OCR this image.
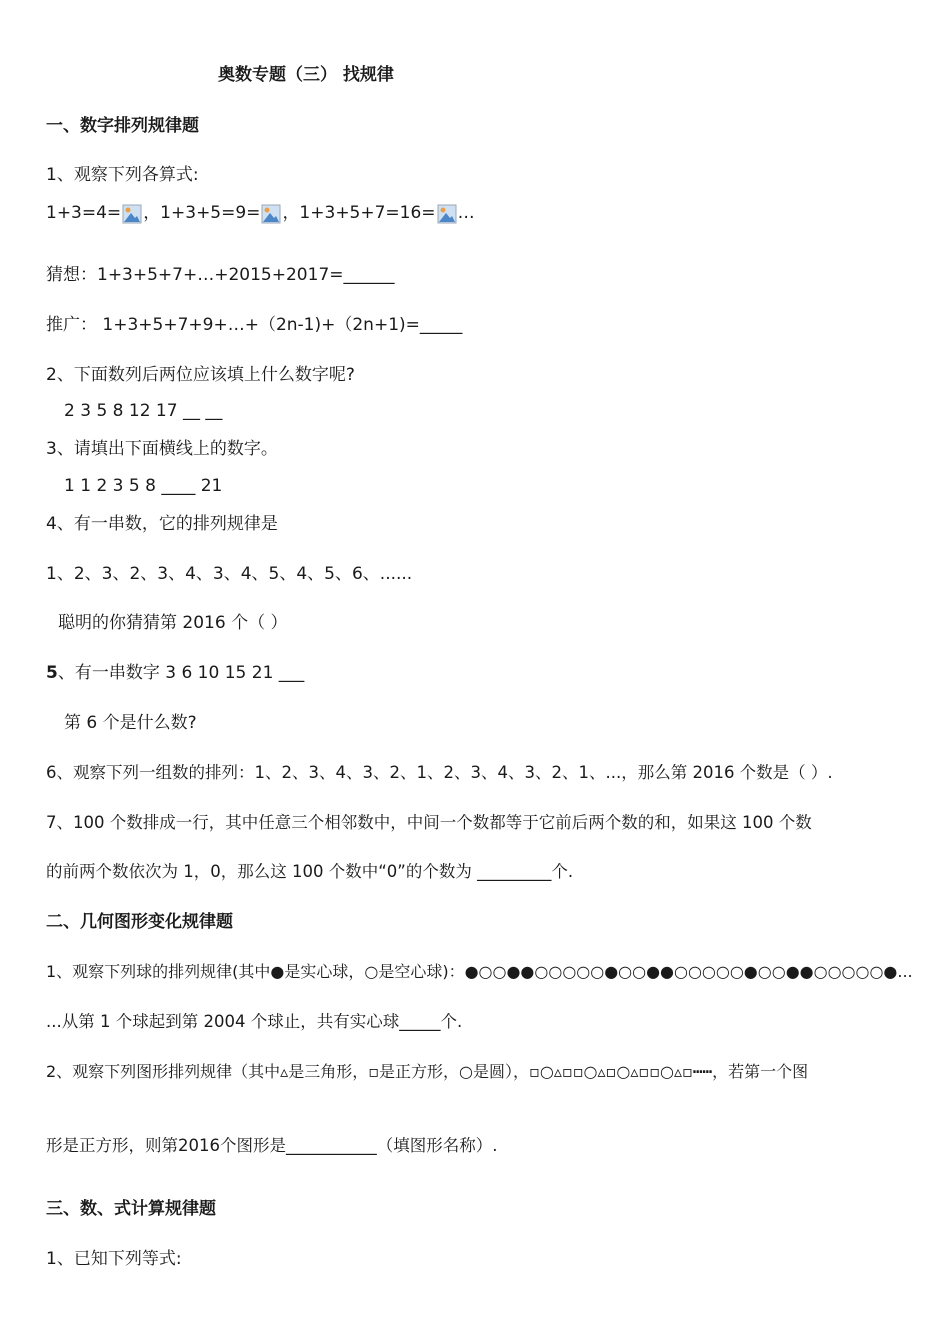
奥数专题（三） 找规律
一、数字排列规律题
1、观察下列各算式:
1+3=4= ，1+3+5=9= ，1+3+5+7=16= …
猜想：1+3+5+7+…+2015+2017=______
推广： 1+3+5+7+9+…+（2n-1)+（2n+1)=_____
2、下面数列后两位应该填上什么数字呢?
2 3 5 8 12 17 __ __
3、请填出下面横线上的数字。
1 1 2 3 5 8 ____ 21
4、有一串数，它的排列规律是
1、2、3、2、3、4、3、4、5、4、5、6、......
聪明的你猜猜第 2016 个（ ）
5、有一串数字 3 6 10 15 21 ___
第 6 个是什么数?
6、观察下列一组数的排列：1、2、3、4、3、2、1、2、3、4、3、2、1、...，那么第 2016 个数是（ ）.
7、100 个数排成一行，其中任意三个相邻数中，中间一个数都等于它前后两个数的和，如果这 100 个数
的前两个数依次为 1，0，那么这 100 个数中“0”的个数为 _________个.
二、几何图形变化规律题
1、观察下列球的排列规律(其中●是实心球，○是空心球)：●○○●●○○○○○●○○●●○○○○○●○○●●○○○○○●...
...从第 1 个球起到第 2004 个球止，共有实心球_____个.
2、观察下列图形排列规律（其中▵是三角形，▫是正方形，○是圆），▫○▵▫▫○▵▫○▵▫▫○▵▫┅┅，若第一个图
形是正方形，则第2016个图形是___________（填图形名称）.
三、数、式计算规律题
1、已知下列等式:
